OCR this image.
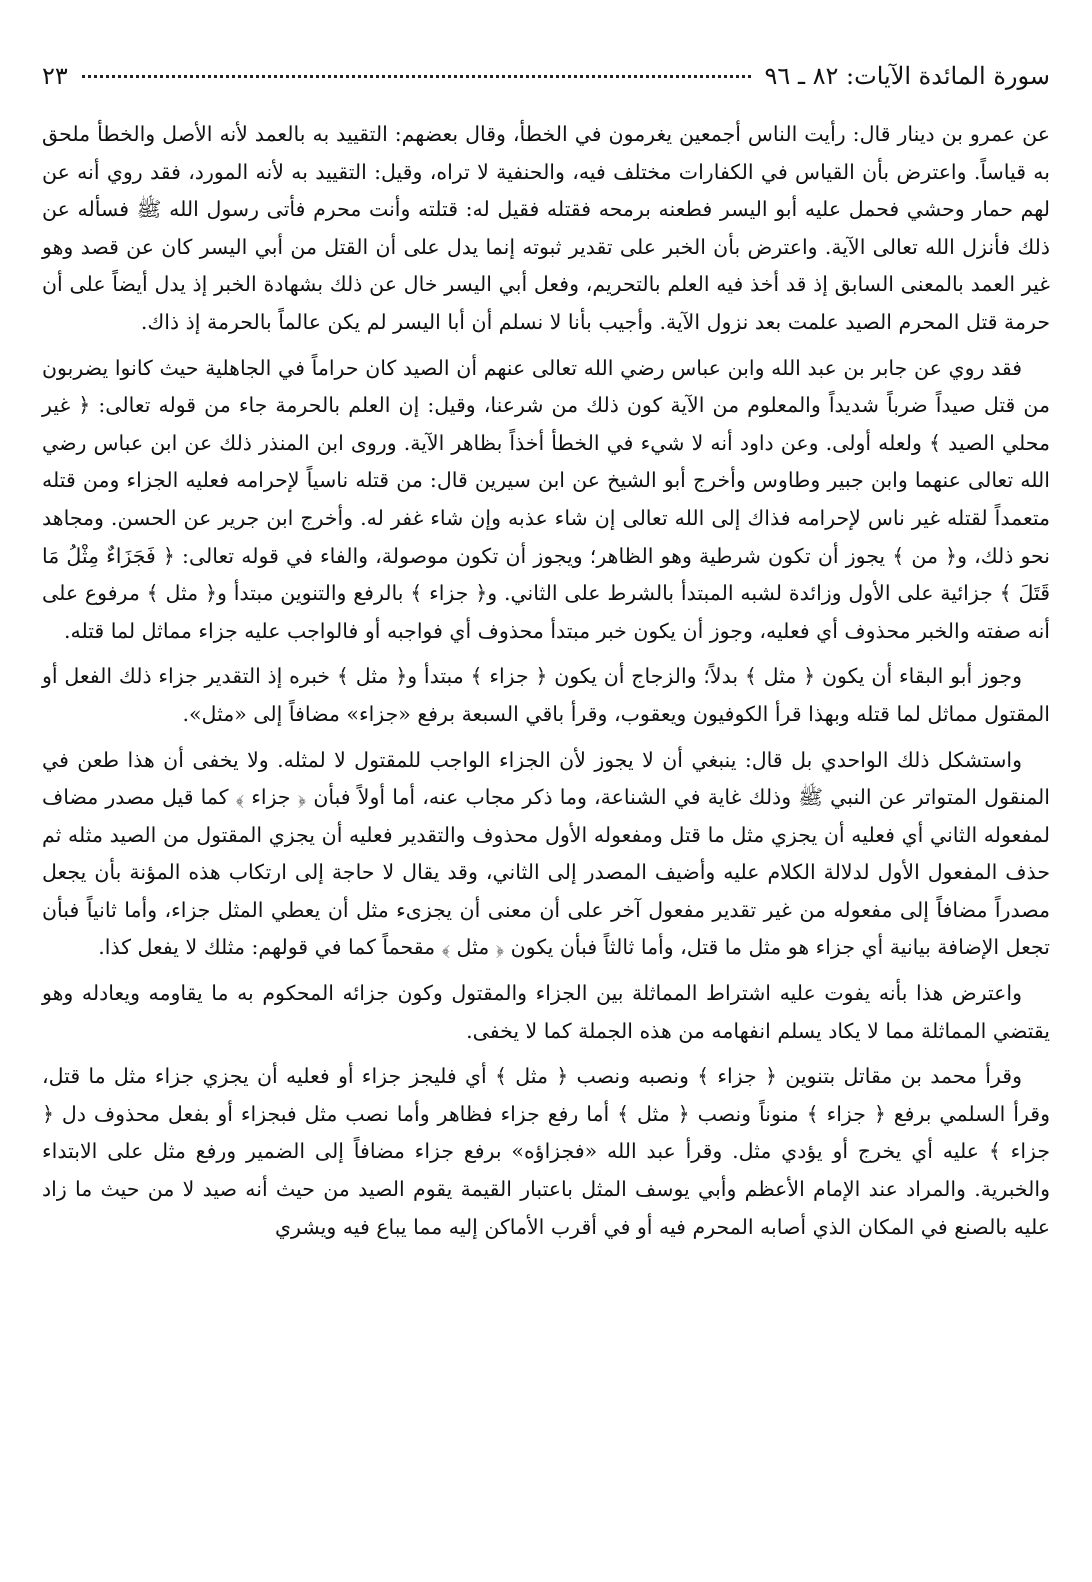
سورة المائدة الآيات: ٨٢ ـ ٩٦
٢٣

عن عمرو بن دينار قال: رأيت الناس أجمعين يغرمون في الخطأ، وقال بعضهم: التقييد به بالعمد لأنه الأصل والخطأ ملحق به قياساً. واعترض بأن القياس في الكفارات مختلف فيه، والحنفية لا تراه، وقيل: التقييد به لأنه المورد، فقد روي أنه عن لهم حمار وحشي فحمل عليه أبو اليسر فطعنه برمحه فقتله فقيل له: قتلته وأنت محرم فأتى رسول الله ﷺ فسأله عن ذلك فأنزل الله تعالى الآية. واعترض بأن الخبر على تقدير ثبوته إنما يدل على أن القتل من أبي اليسر كان عن قصد وهو غير العمد بالمعنى السابق إذ قد أخذ فيه العلم بالتحريم، وفعل أبي اليسر خال عن ذلك بشهادة الخبر إذ يدل أيضاً على أن حرمة قتل المحرم الصيد علمت بعد نزول الآية. وأجيب بأنا لا نسلم أن أبا اليسر لم يكن عالماً بالحرمة إذ ذاك.

فقد روي عن جابر بن عبد الله وابن عباس رضي الله تعالى عنهم أن الصيد كان حراماً في الجاهلية حيث كانوا يضربون من قتل صيداً ضرباً شديداً والمعلوم من الآية كون ذلك من شرعنا، وقيل: إن العلم بالحرمة جاء من قوله تعالى: ﴿ غير محلي الصيد ﴾ ولعله أولى. وعن داود أنه لا شيء في الخطأ أخذاً بظاهر الآية. وروى ابن المنذر ذلك عن ابن عباس رضي الله تعالى عنهما وابن جبير وطاوس وأخرج أبو الشيخ عن ابن سيرين قال: من قتله ناسياً لإحرامه فعليه الجزاء ومن قتله متعمداً لقتله غير ناس لإحرامه فذاك إلى الله تعالى إن شاء عذبه وإن شاء غفر له. وأخرج ابن جرير عن الحسن. ومجاهد نحو ذلك، و﴿ من ﴾ يجوز أن تكون شرطية وهو الظاهر؛ ويجوز أن تكون موصولة، والفاء في قوله تعالى: ﴿ فَجَزَاءٌ مِثْلُ مَا قَتَلَ ﴾ جزائية على الأول وزائدة لشبه المبتدأ بالشرط على الثاني. و﴿ جزاء ﴾ بالرفع والتنوين مبتدأ و﴿ مثل ﴾ مرفوع على أنه صفته والخبر محذوف أي فعليه، وجوز أن يكون خبر مبتدأ محذوف أي فواجبه أو فالواجب عليه جزاء مماثل لما قتله.

وجوز أبو البقاء أن يكون ﴿ مثل ﴾ بدلاً؛ والزجاج أن يكون ﴿ جزاء ﴾ مبتدأ و﴿ مثل ﴾ خبره إذ التقدير جزاء ذلك الفعل أو المقتول مماثل لما قتله وبهذا قرأ الكوفيون ويعقوب، وقرأ باقي السبعة برفع «جزاء» مضافاً إلى «مثل».

واستشكل ذلك الواحدي بل قال: ينبغي أن لا يجوز لأن الجزاء الواجب للمقتول لا لمثله. ولا يخفى أن هذا طعن في المنقول المتواتر عن النبي ﷺ وذلك غاية في الشناعة، وما ذكر مجاب عنه، أما أولاً فبأن ﴿ جزاء ﴾ كما قيل مصدر مضاف لمفعوله الثاني أي فعليه أن يجزي مثل ما قتل ومفعوله الأول محذوف والتقدير فعليه أن يجزي المقتول من الصيد مثله ثم حذف المفعول الأول لدلالة الكلام عليه وأضيف المصدر إلى الثاني، وقد يقال لا حاجة إلى ارتكاب هذه المؤنة بأن يجعل مصدراً مضافاً إلى مفعوله من غير تقدير مفعول آخر على أن معنى أن يجزىء مثل أن يعطي المثل جزاء، وأما ثانياً فبأن تجعل الإضافة بيانية أي جزاء هو مثل ما قتل، وأما ثالثاً فبأن يكون ﴿ مثل ﴾ مقحماً كما في قولهم: مثلك لا يفعل كذا.

واعترض هذا بأنه يفوت عليه اشتراط المماثلة بين الجزاء والمقتول وكون جزائه المحكوم به ما يقاومه ويعادله وهو يقتضي المماثلة مما لا يكاد يسلم انفهامه من هذه الجملة كما لا يخفى.

وقرأ محمد بن مقاتل بتنوين ﴿ جزاء ﴾ ونصبه ونصب ﴿ مثل ﴾ أي فليجز جزاء أو فعليه أن يجزي جزاء مثل ما قتل، وقرأ السلمي برفع ﴿ جزاء ﴾ منوناً ونصب ﴿ مثل ﴾ أما رفع جزاء فظاهر وأما نصب مثل فبجزاء أو بفعل محذوف دل ﴿ جزاء ﴾ عليه أي يخرج أو يؤدي مثل. وقرأ عبد الله «فجزاؤه» برفع جزاء مضافاً إلى الضمير ورفع مثل على الابتداء والخبرية. والمراد عند الإمام الأعظم وأبي يوسف المثل باعتبار القيمة يقوم الصيد من حيث أنه صيد لا من حيث ما زاد عليه بالصنع في المكان الذي أصابه المحرم فيه أو في أقرب الأماكن إليه مما يباع فيه ويشري
